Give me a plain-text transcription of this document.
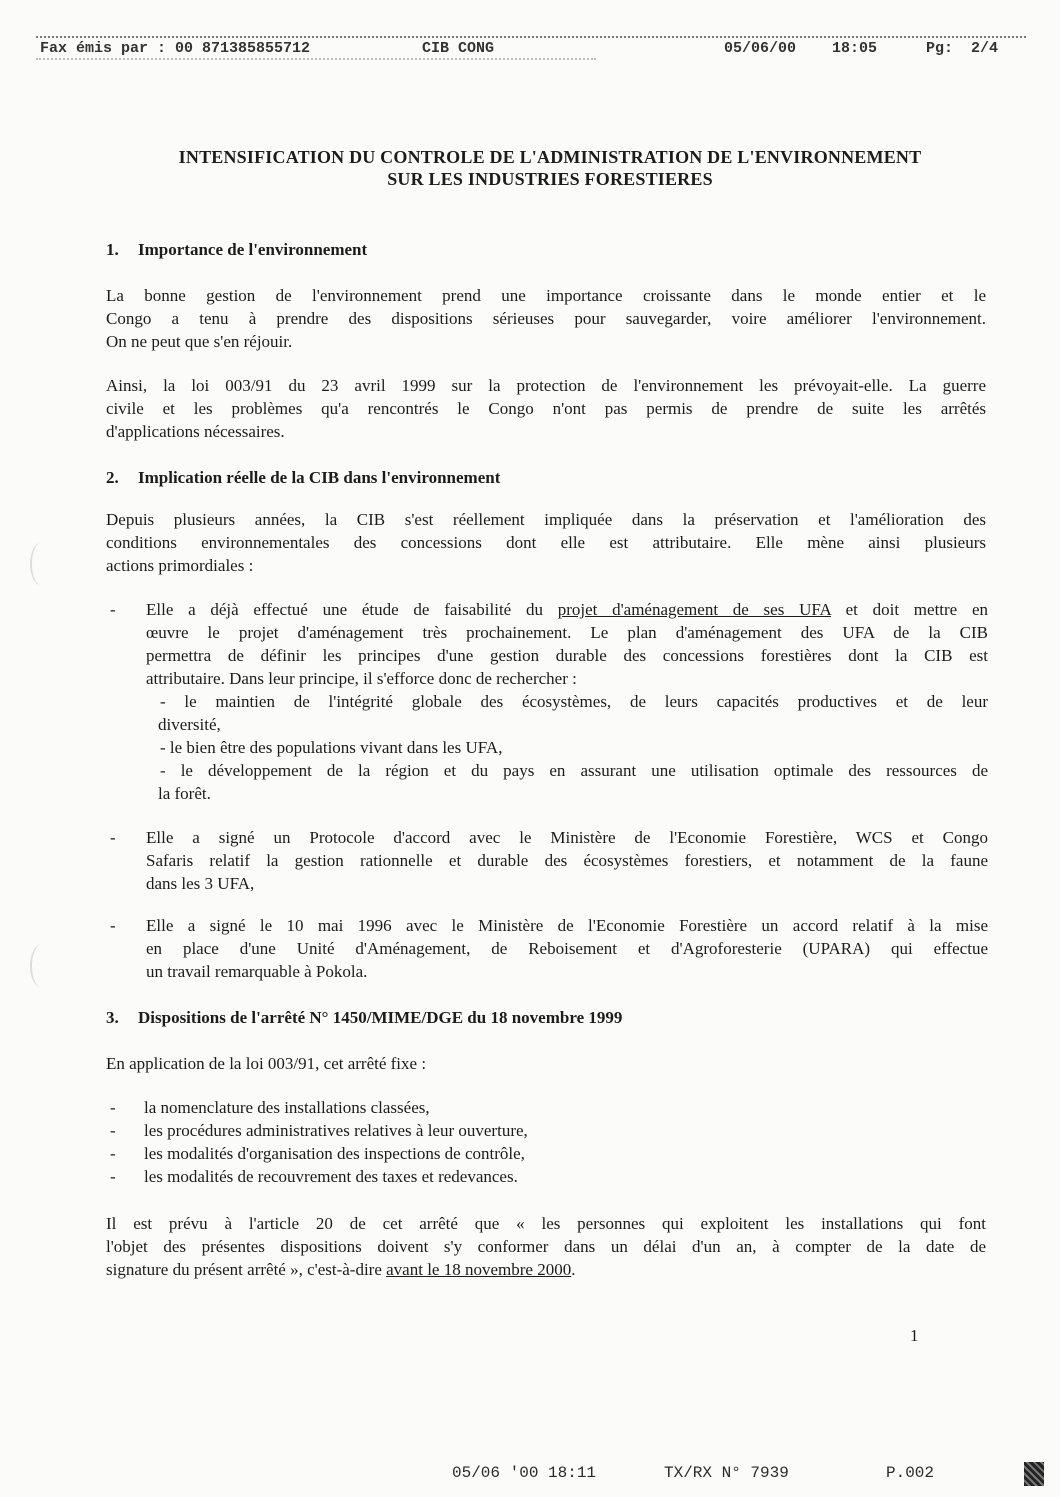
Fax émis par : 00 871385855712	CIB CONG	05/06/00 18:05	Pg:  2/4
INTENSIFICATION DU CONTROLE DE L'ADMINISTRATION DE L'ENVIRONNEMENT
SUR LES INDUSTRIES FORESTIERES
1. Importance de l'environnement
La bonne gestion de l'environnement prend une importance croissante dans le monde entier et le
Congo a tenu à prendre des dispositions sérieuses pour sauvegarder, voire améliorer l'environnement.
On ne peut que s'en réjouir.
Ainsi, la loi 003/91 du 23 avril 1999 sur la protection de l'environnement les prévoyait-elle. La guerre
civile et les problèmes qu'a rencontrés le Congo n'ont pas permis de prendre de suite les arrêtés
d'applications nécessaires.
2. Implication réelle de la CIB dans l'environnement
Depuis plusieurs années, la CIB s'est réellement impliquée dans la préservation et l'amélioration des
conditions environnementales des concessions dont elle est attributaire. Elle mène ainsi plusieurs
actions primordiales :
- Elle a déjà effectué une étude de faisabilité du projet d'aménagement de ses UFA et doit mettre en
œuvre le projet d'aménagement très prochainement. Le plan d'aménagement des UFA de la CIB
permettra de définir les principes d'une gestion durable des concessions forestières dont la CIB est
attributaire. Dans leur principe, il s'efforce donc de rechercher :
- le maintien de l'intégrité globale des écosystèmes, de leurs capacités productives et de leur
diversité,
- le bien être des populations vivant dans les UFA,
- le développement de la région et du pays en assurant une utilisation optimale des ressources de
la forêt.
- Elle a signé un Protocole d'accord avec le Ministère de l'Economie Forestière, WCS et Congo
Safaris relatif la gestion rationnelle et durable des écosystèmes forestiers, et notamment de la faune
dans les 3 UFA,
- Elle a signé le 10 mai 1996 avec le Ministère de l'Economie Forestière un accord relatif à la mise
en place d'une Unité d'Aménagement, de Reboisement et d'Agroforesterie (UPARA) qui effectue
un travail remarquable à Pokola.
3. Dispositions de l'arrêté N° 1450/MIME/DGE du 18 novembre 1999
En application de la loi 003/91, cet arrêté fixe :
- la nomenclature des installations classées,
- les procédures administratives relatives à leur ouverture,
- les modalités d'organisation des inspections de contrôle,
- les modalités de recouvrement des taxes et redevances.
Il est prévu à l'article 20 de cet arrêté que « les personnes qui exploitent les installations qui font
l'objet des présentes dispositions doivent s'y conformer dans un délai d'un an, à compter de la date de
signature du présent arrêté », c'est-à-dire avant le 18 novembre 2000.
1
05/06 '00 18:11	TX/RX N° 7939	P.002
